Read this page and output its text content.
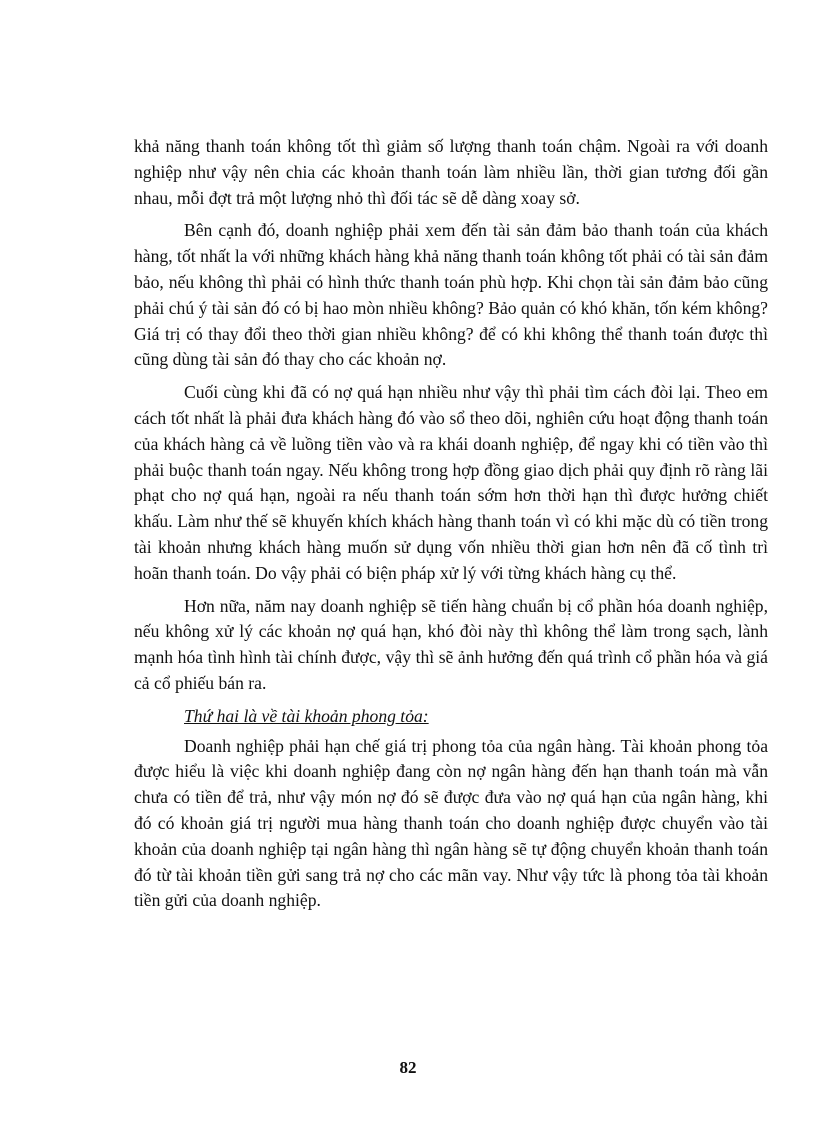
khả năng thanh toán không tốt thì giảm số lượng thanh toán chậm. Ngoài ra với doanh nghiệp như vậy nên chia các khoản thanh toán làm nhiều lần, thời gian tương đối gần nhau, mỗi đợt trả một lượng nhỏ thì đối tác sẽ dễ dàng xoay sở.

Bên cạnh đó, doanh nghiệp phải xem đến tài sản đảm bảo thanh toán của khách hàng, tốt nhất la với những khách hàng khả năng thanh toán không tốt phải có tài sản đảm bảo, nếu không thì phải có hình thức thanh toán phù hợp. Khi chọn tài sản đảm bảo cũng phải chú ý tài sản đó có bị hao mòn nhiều không? Bảo quản có khó khăn, tốn kém không? Giá trị có thay đổi theo thời gian nhiều không? để có khi không thể thanh toán được thì cũng dùng tài sản đó thay cho các khoản nợ.

Cuối cùng khi đã có nợ quá hạn nhiều như vậy thì phải tìm cách đòi lại. Theo em cách tốt nhất là phải đưa khách hàng đó vào sổ theo dõi, nghiên cứu hoạt động thanh toán của khách hàng cả về luồng tiền vào và ra khái doanh nghiệp, để ngay khi có tiền vào thì phải buộc thanh toán ngay. Nếu không trong hợp đồng giao dịch phải quy định rõ ràng lãi phạt cho nợ quá hạn, ngoài ra nếu thanh toán sớm hơn thời hạn thì được hưởng chiết khấu. Làm như thế sẽ khuyến khích khách hàng thanh toán vì có khi mặc dù có tiền trong tài khoản nhưng khách hàng muốn sử dụng vốn nhiều thời gian hơn nên đã cố tình trì hoãn thanh toán. Do vậy phải có biện pháp xử lý với từng khách hàng cụ thể.

Hơn nữa, năm nay doanh nghiệp sẽ tiến hàng chuẩn bị cổ phần hóa doanh nghiệp, nếu không xử lý các khoản nợ quá hạn, khó đòi này thì không thể làm trong sạch, lành mạnh hóa tình hình tài chính được, vậy thì sẽ ảnh hưởng đến quá trình cổ phần hóa và giá cả cổ phiếu bán ra.

Thứ hai là về tài khoản phong tỏa:

Doanh nghiệp phải hạn chế giá trị phong tỏa của ngân hàng. Tài khoản phong tỏa được hiểu là việc khi doanh nghiệp đang còn nợ ngân hàng đến hạn thanh toán mà vẫn chưa có tiền để trả, như vậy món nợ đó sẽ được đưa vào nợ quá hạn của ngân hàng, khi đó có khoản giá trị người mua hàng thanh toán cho doanh nghiệp được chuyển vào tài khoản của doanh nghiệp tại ngân hàng thì ngân hàng sẽ tự động chuyển khoản thanh toán đó từ tài khoản tiền gửi sang trả nợ cho các mãn vay. Như vậy tức là phong tỏa tài khoản tiền gửi của doanh nghiệp.

82
